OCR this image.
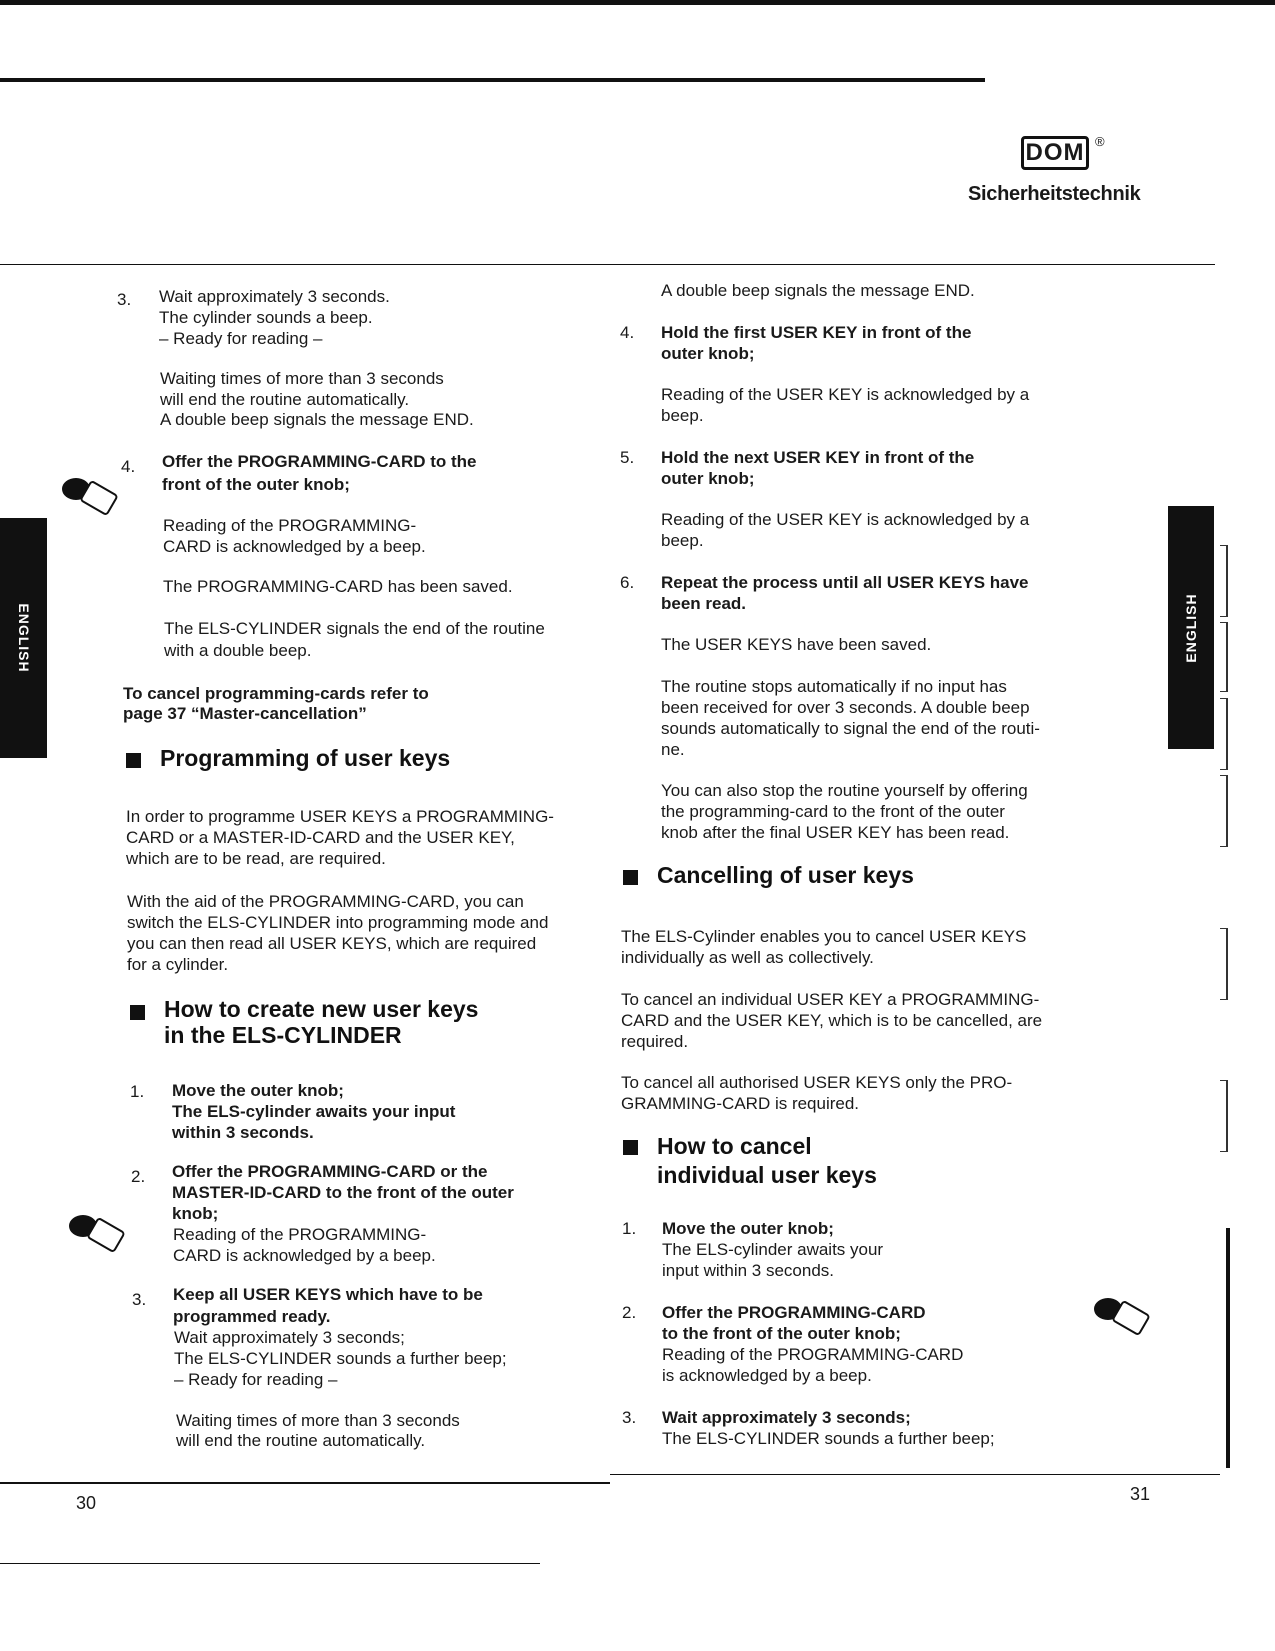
DOM ®
Sicherheitstechnik
ENGLISH	ENGLISH
3. Wait approximately 3 seconds.
The cylinder sounds a beep.
– Ready for reading –
Waiting times of more than 3 seconds
will end the routine automatically.
A double beep signals the message END.
4. Offer the PROGRAMMING-CARD to the
front of the outer knob;
Reading of the PROGRAMMING-
CARD is acknowledged by a beep.
The PROGRAMMING-CARD has been saved.
The ELS-CYLINDER signals the end of the routine
with a double beep.
To cancel programming-cards refer to
page 37 “Master-cancellation”
Programming of user keys
In order to programme USER KEYS a PROGRAMMING-
CARD or a MASTER-ID-CARD and the USER KEY,
which are to be read, are required.
With the aid of the PROGRAMMING-CARD, you can
switch the ELS-CYLINDER into programming mode and
you can then read all USER KEYS, which are required
for a cylinder.
How to create new user keys
in the ELS-CYLINDER
1. Move the outer knob;
The ELS-cylinder awaits your input
within 3 seconds.
2. Offer the PROGRAMMING-CARD or the
MASTER-ID-CARD to the front of the outer
knob;
Reading of the PROGRAMMING-
CARD is acknowledged by a beep.
3. Keep all USER KEYS which have to be
programmed ready.
Wait approximately 3 seconds;
The ELS-CYLINDER sounds a further beep;
– Ready for reading –
Waiting times of more than 3 seconds
will end the routine automatically.
30
A double beep signals the message END.
4. Hold the first USER KEY in front of the
outer knob;
Reading of the USER KEY is acknowledged by a
beep.
5. Hold the next USER KEY in front of the
outer knob;
Reading of the USER KEY is acknowledged by a
beep.
6. Repeat the process until all USER KEYS have
been read.
The USER KEYS have been saved.
The routine stops automatically if no input has
been received for over 3 seconds. A double beep
sounds automatically to signal the end of the routi-
ne.
You can also stop the routine yourself by offering
the programming-card to the front of the outer
knob after the final USER KEY has been read.
Cancelling of user keys
The ELS-Cylinder enables you to cancel USER KEYS
individually as well as collectively.
To cancel an individual USER KEY a PROGRAMMING-
CARD and the USER KEY, which is to be cancelled, are
required.
To cancel all authorised USER KEYS only the PRO-
GRAMMING-CARD is required.
How to cancel
individual user keys
1. Move the outer knob;
The ELS-cylinder awaits your
input within 3 seconds.
2. Offer the PROGRAMMING-CARD
to the front of the outer knob;
Reading of the PROGRAMMING-CARD
is acknowledged by a beep.
3. Wait approximately 3 seconds;
The ELS-CYLINDER sounds a further beep;
31
